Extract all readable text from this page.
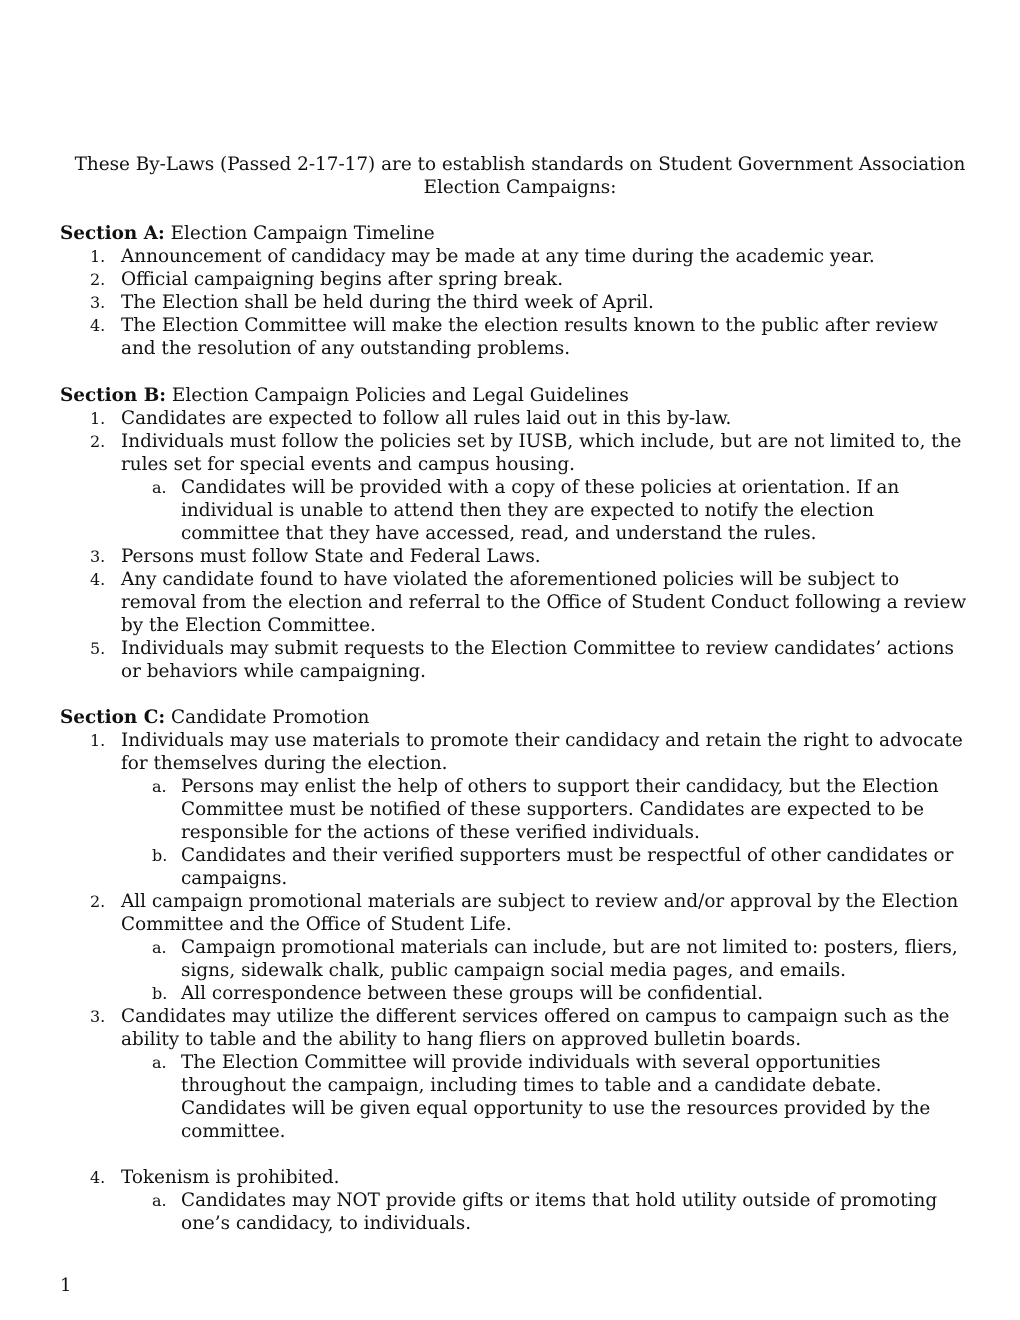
These By-Laws (Passed 2-17-17) are to establish standards on Student Government Association
Election Campaigns:

Section A: Election Campaign Timeline

1. Announcement of candidacy may be made at any time during the academic year.
2. Official campaigning begins after spring break.
3. The Election shall be held during the third week of April.
4. The Election Committee will make the election results known to the public after review and the resolution of any outstanding problems.

Section B: Election Campaign Policies and Legal Guidelines

1. Candidates are expected to follow all rules laid out in this by-law.
2. Individuals must follow the policies set by IUSB, which include, but are not limited to, the rules set for special events and campus housing.
a. Candidates will be provided with a copy of these policies at orientation. If an individual is unable to attend then they are expected to notify the election committee that they have accessed, read, and understand the rules.
3. Persons must follow State and Federal Laws.
4. Any candidate found to have violated the aforementioned policies will be subject to removal from the election and referral to the Office of Student Conduct following a review by the Election Committee.
5. Individuals may submit requests to the Election Committee to review candidates’ actions or behaviors while campaigning.

Section C: Candidate Promotion

1. Individuals may use materials to promote their candidacy and retain the right to advocate for themselves during the election.
a. Persons may enlist the help of others to support their candidacy, but the Election Committee must be notified of these supporters. Candidates are expected to be responsible for the actions of these verified individuals.
b. Candidates and their verified supporters must be respectful of other candidates or campaigns.
2. All campaign promotional materials are subject to review and/or approval by the Election Committee and the Office of Student Life.
a. Campaign promotional materials can include, but are not limited to: posters, fliers, signs, sidewalk chalk, public campaign social media pages, and emails.
b. All correspondence between these groups will be confidential.
3. Candidates may utilize the different services offered on campus to campaign such as the ability to table and the ability to hang fliers on approved bulletin boards.
a. The Election Committee will provide individuals with several opportunities throughout the campaign, including times to table and a candidate debate. Candidates will be given equal opportunity to use the resources provided by the committee.
4. Tokenism is prohibited.
a. Candidates may NOT provide gifts or items that hold utility outside of promoting one’s candidacy, to individuals.
1
